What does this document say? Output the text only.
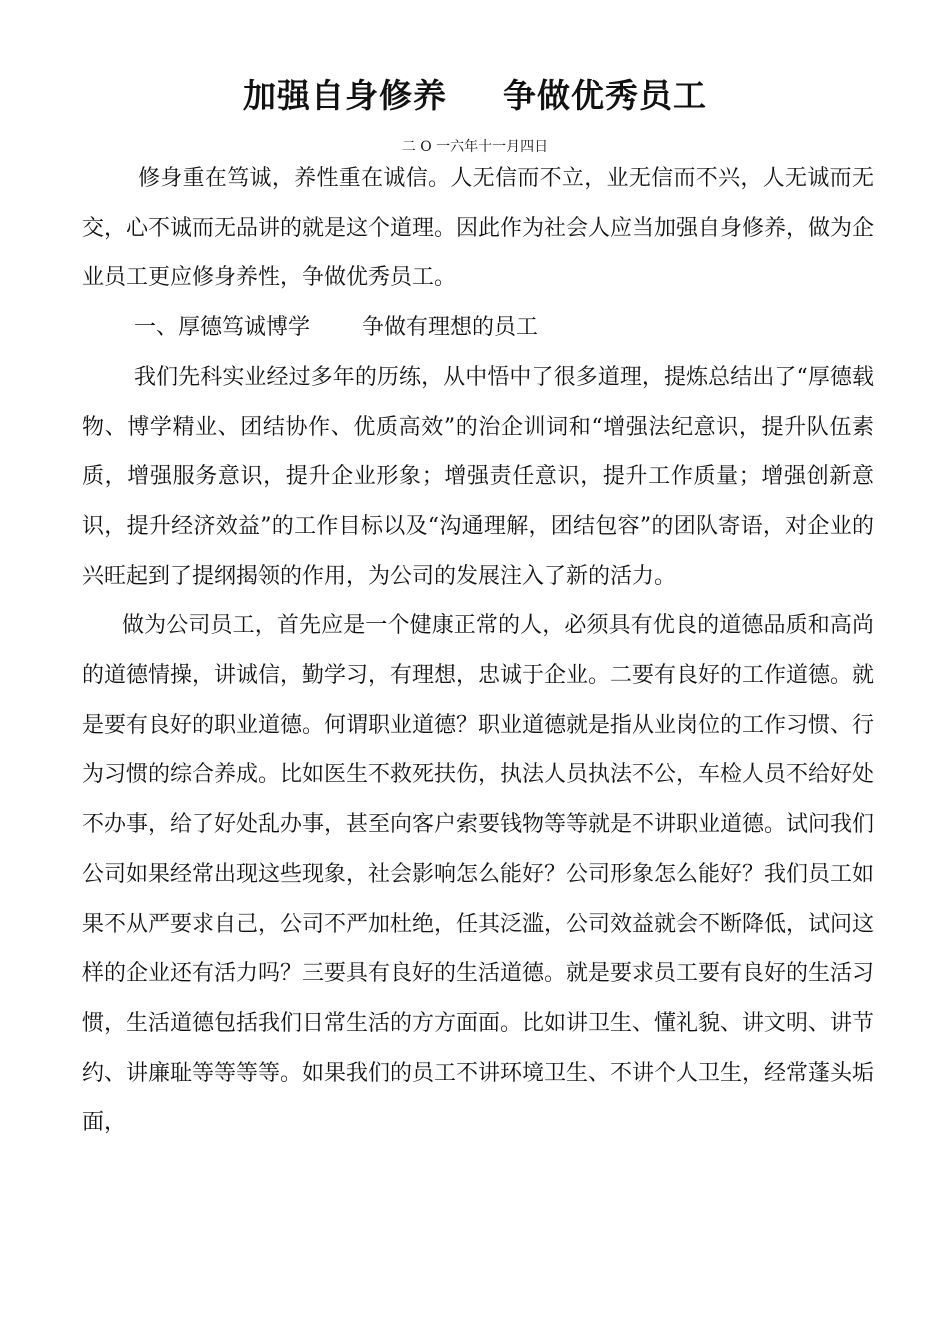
加强自身修养 争做优秀员工
二 O 一六年十一月四日

修身重在笃诚，养性重在诚信。人无信而不立，业无信而不兴，人无诚而无交，心不诚而无品讲的就是这个道理。因此作为社会人应当加强自身修养，做为企业员工更应修身养性，争做优秀员工。

一、厚德笃诚博学 争做有理想的员工

我们先科实业经过多年的历练，从中悟中了很多道理，提炼总结出了“厚德载物、博学精业、团结协作、优质高效”的治企训词和“增强法纪意识，提升队伍素质，增强服务意识，提升企业形象；增强责任意识，提升工作质量；增强创新意识，提升经济效益”的工作目标以及“沟通理解，团结包容”的团队寄语，对企业的兴旺起到了提纲揭领的作用，为公司的发展注入了新的活力。

做为公司员工，首先应是一个健康正常的人，必须具有优良的道德品质和高尚的道德情操，讲诚信，勤学习，有理想，忠诚于企业。二要有良好的工作道德。就是要有良好的职业道德。何谓职业道德？职业道德就是指从业岗位的工作习惯、行为习惯的综合养成。比如医生不救死扶伤，执法人员执法不公，车检人员不给好处不办事，给了好处乱办事，甚至向客户索要钱物等等就是不讲职业道德。试问我们公司如果经常出现这些现象，社会影响怎么能好？公司形象怎么能好？我们员工如果不从严要求自己，公司不严加杜绝，任其泛滥，公司效益就会不断降低，试问这样的企业还有活力吗？三要具有良好的生活道德。就是要求员工要有良好的生活习惯，生活道德包括我们日常生活的方方面面。比如讲卫生、懂礼貌、讲文明、讲节约、讲廉耻等等等等。如果我们的员工不讲环境卫生、不讲个人卫生，经常蓬头垢面，
